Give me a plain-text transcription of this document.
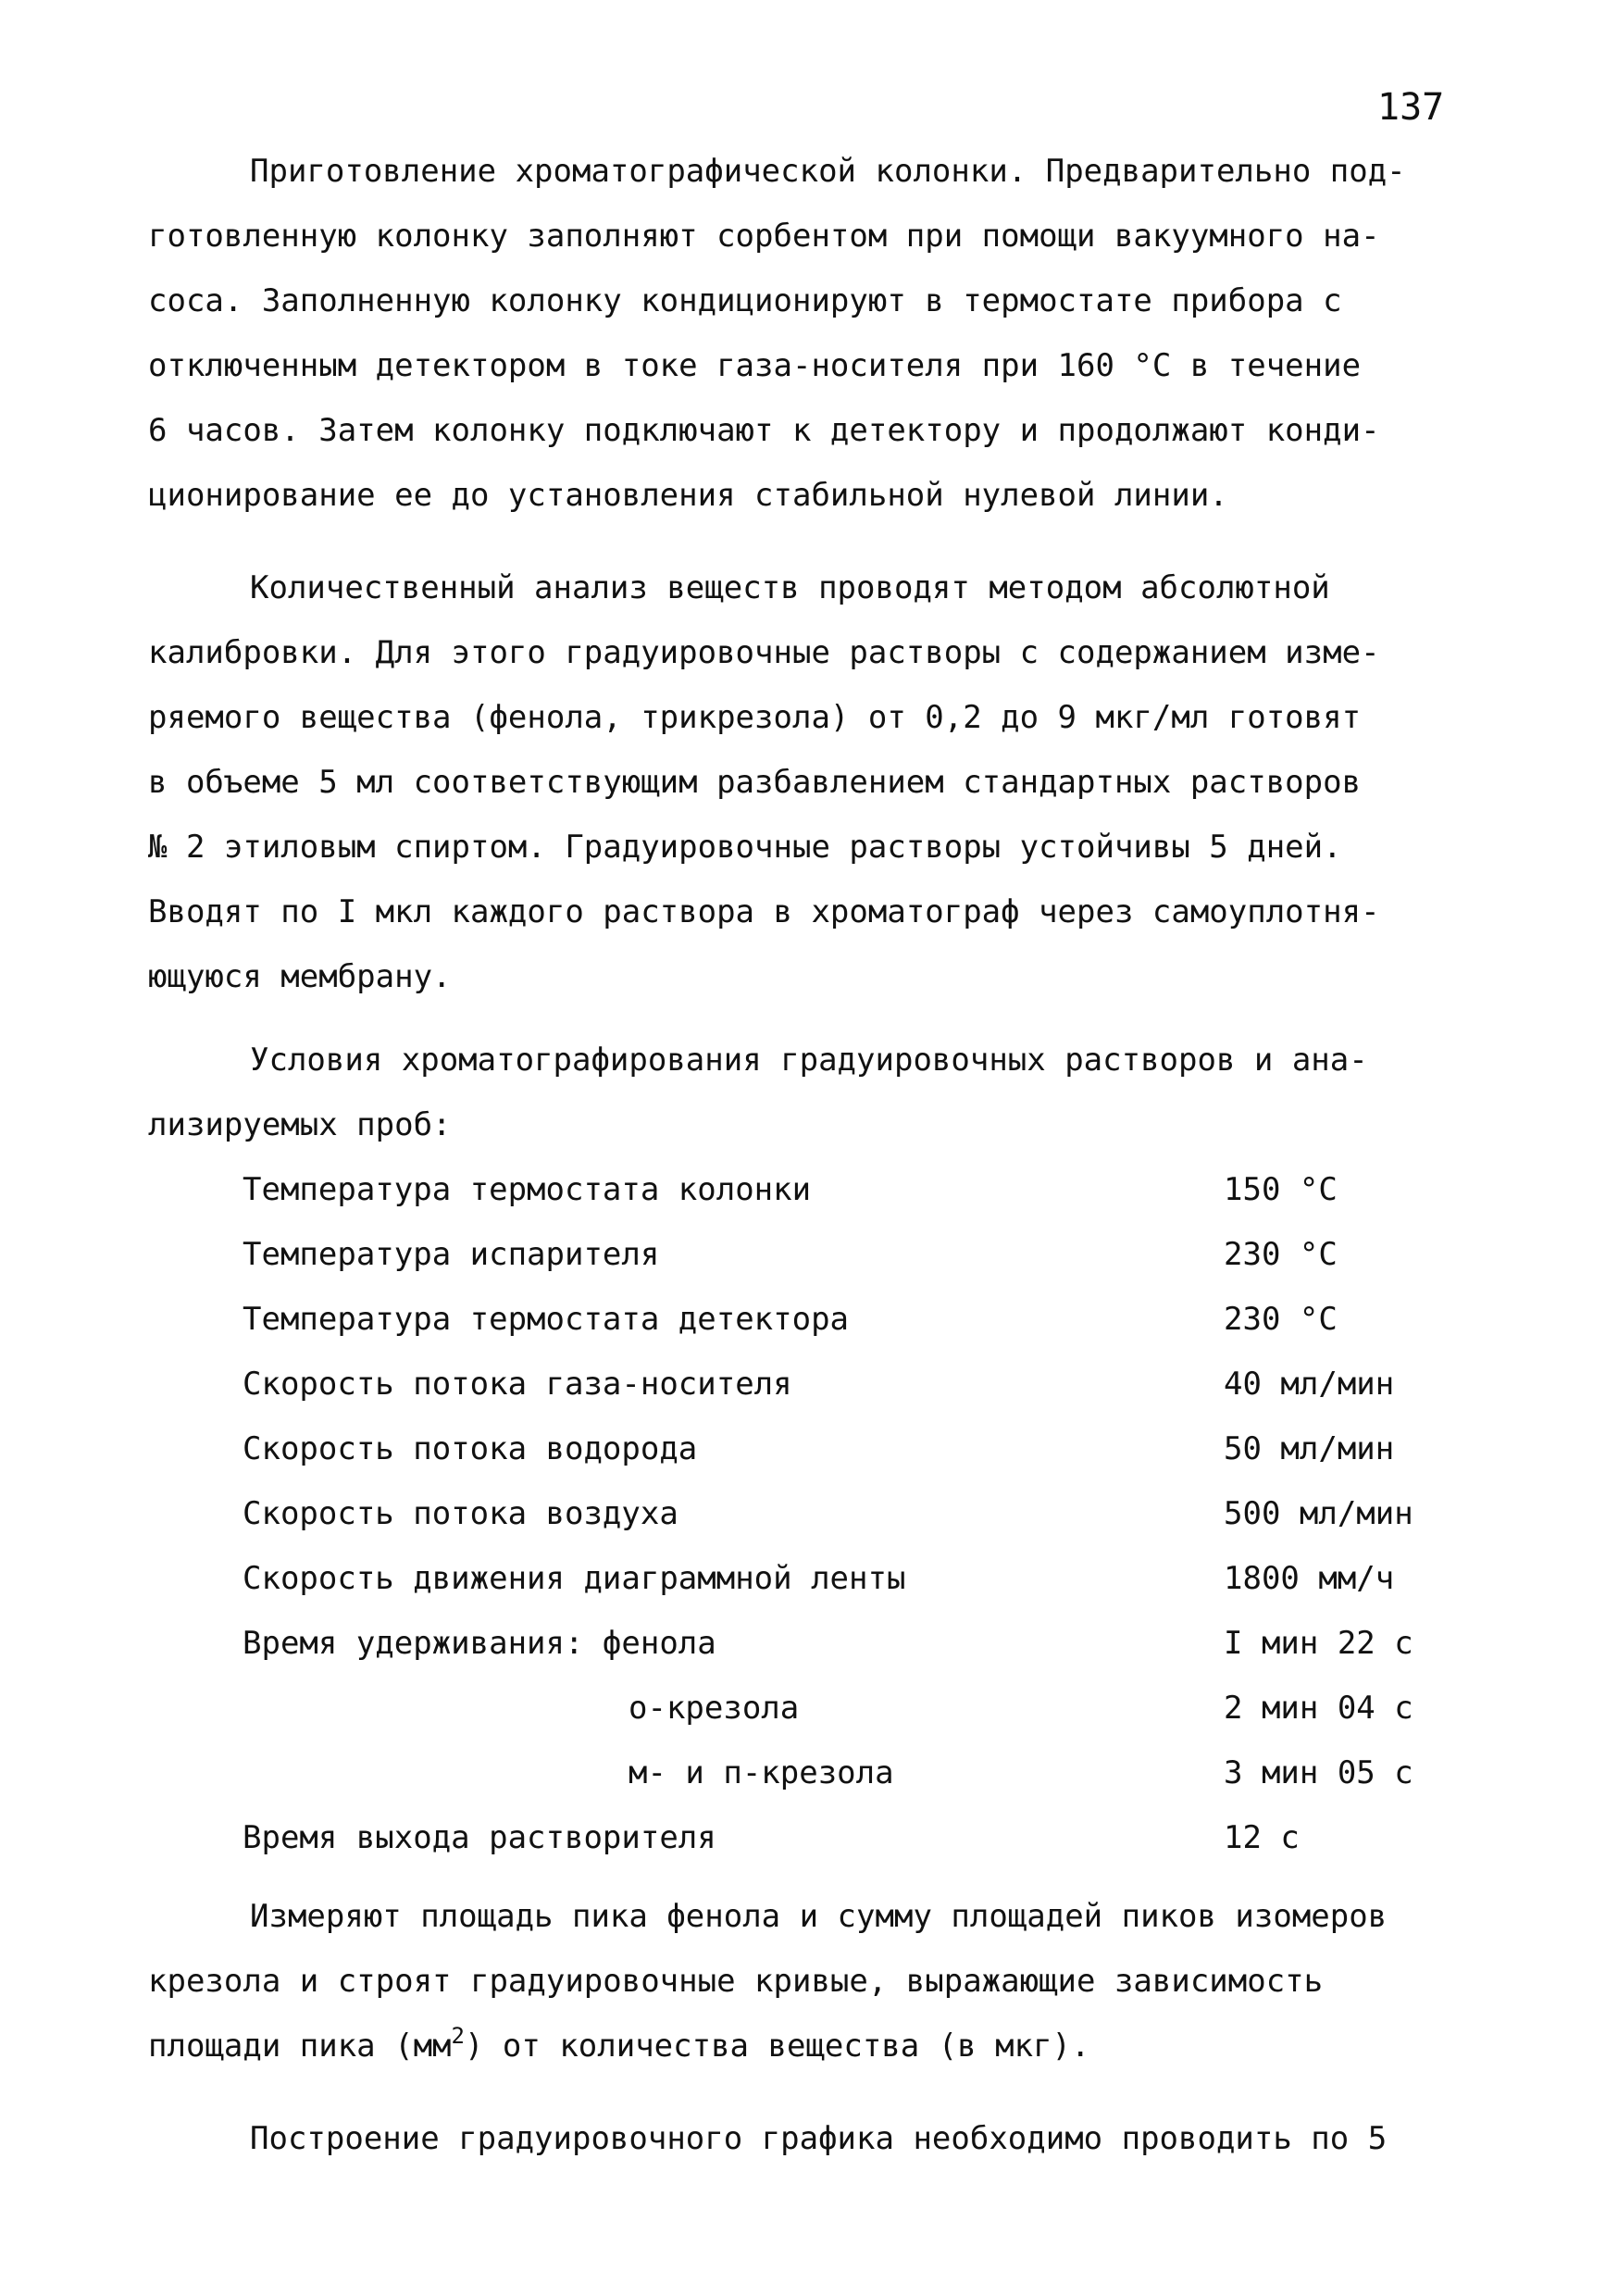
137
Приготовление хроматографической колонки. Предварительно под-
готовленную колонку заполняют сорбентом при помощи вакуумного на-
соса. Заполненную колонку кондиционируют в термостате прибора с
отключенным детектором в токе газа-носителя при 160 °С в течение
6 часов. Затем колонку подключают к детектору и продолжают конди-
ционирование ее до установления стабильной нулевой линии.
Количественный анализ веществ проводят методом абсолютной
калибровки. Для этого градуировочные растворы с содержанием изме-
ряемого вещества (фенола, трикрезола) от 0,2 до 9 мкг/мл готовят
в объеме 5 мл соответствующим разбавлением стандартных растворов
№ 2 этиловым спиртом. Градуировочные растворы устойчивы 5 дней.
Вводят по I мкл каждого раствора в хроматограф через самоуплотня-
ющуюся мембрану.
Условия хроматографирования градуировочных растворов и ана-
лизируемых проб:
Температура термостата колонки	150 °С
Температура испарителя	230 °С
Температура термостата детектора	230 °С
Скорость потока газа-носителя	40 мл/мин
Скорость потока водорода	50 мл/мин
Скорость потока воздуха	500 мл/мин
Скорость движения диаграммной ленты	1800 мм/ч
Время удерживания: фенола	I мин 22 с
о-крезола	2 мин 04 с
м- и п-крезола	3 мин 05 с
Время выхода растворителя	12 с
Измеряют площадь пика фенола и сумму площадей пиков изомеров
крезола и строят градуировочные кривые, выражающие зависимость
площади пика $(мм^2)$ от количества вещества (в мкг).
Построение градуировочного графика необходимо проводить по 5
